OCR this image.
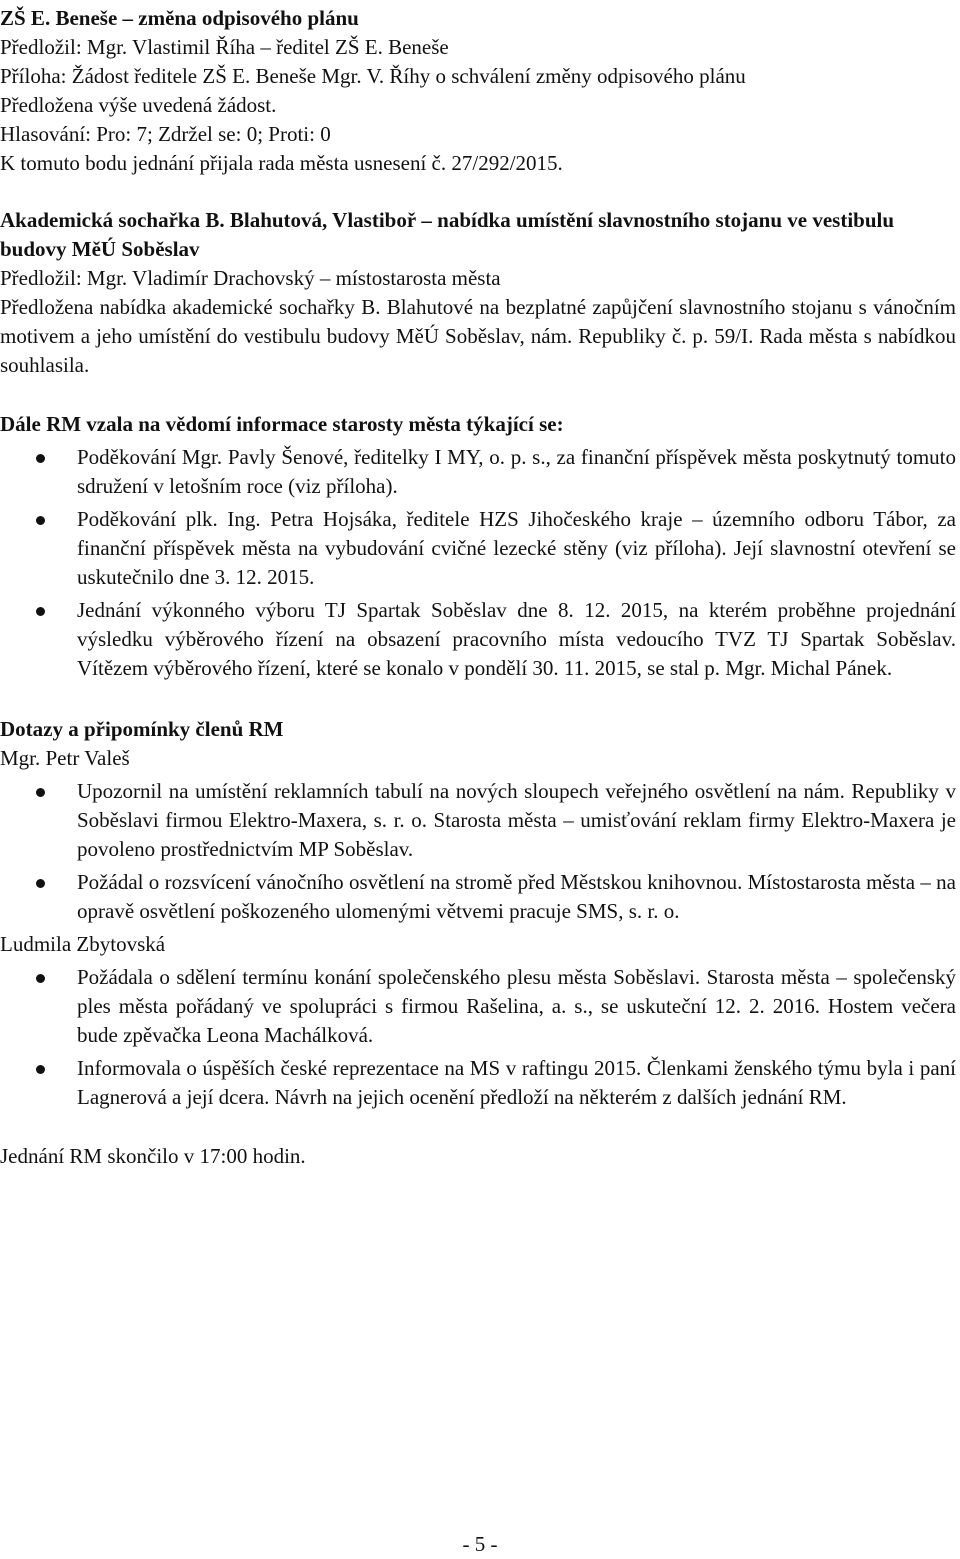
ZŠ E. Beneše – změna odpisového plánu
Předložil: Mgr. Vlastimil Říha – ředitel ZŠ E. Beneše
Příloha: Žádost ředitele ZŠ E. Beneše Mgr. V. Říhy o schválení změny odpisového plánu
Předložena výše uvedená žádost.
Hlasování: Pro: 7; Zdržel se: 0; Proti: 0
K tomuto bodu jednání přijala rada města usnesení č. 27/292/2015.
Akademická sochařka B. Blahutová, Vlastiboř – nabídka umístění slavnostního stojanu ve vestibulu budovy MěÚ Soběslav
Předložil: Mgr. Vladimír Drachovský – místostarosta města
Předložena nabídka akademické sochařky B. Blahutové na bezplatné zapůjčení slavnostního stojanu s vánočním motivem a jeho umístění do vestibulu budovy MěÚ Soběslav, nám. Republiky č. p. 59/I. Rada města s nabídkou souhlasila.
Dále RM vzala na vědomí informace starosty města týkající se:
Poděkování Mgr. Pavly Šenové, ředitelky I MY, o. p. s., za finanční příspěvek města poskytnutý tomuto sdružení v letošním roce (viz příloha).
Poděkování plk. Ing. Petra Hojsáka, ředitele HZS Jihočeského kraje – územního odboru Tábor, za finanční příspěvek města na vybudování cvičné lezecké stěny (viz příloha). Její slavnostní otevření se uskutečnilo dne 3. 12. 2015.
Jednání výkonného výboru TJ Spartak Soběslav dne 8. 12. 2015, na kterém proběhne projednání výsledku výběrového řízení na obsazení pracovního místa vedoucího TVZ TJ Spartak Soběslav. Vítězem výběrového řízení, které se konalo v pondělí 30. 11. 2015, se stal p. Mgr. Michal Pánek.
Dotazy a připomínky členů RM
Mgr. Petr Valeš
Upozornil na umístění reklamních tabulí na nových sloupech veřejného osvětlení na nám. Republiky v Soběslavi firmou Elektro-Maxera, s. r. o. Starosta města – umisťování reklam firmy Elektro-Maxera je povoleno prostřednictvím MP Soběslav.
Požádal o rozsvícení vánočního osvětlení na stromě před Městskou knihovnou. Místostarosta města – na opravě osvětlení poškozeného ulomenými větvemi pracuje SMS, s. r. o.
Ludmila Zbytovská
Požádala o sdělení termínu konání společenského plesu města Soběslavi. Starosta města – společenský ples města pořádaný ve spolupráci s firmou Rašelina, a. s., se uskuteční 12. 2. 2016. Hostem večera bude zpěvačka Leona Machálková.
Informovala o úspěších české reprezentace na MS v raftingu 2015. Členkami ženského týmu byla i paní Lagnerová a její dcera. Návrh na jejich ocenění předloží na některém z dalších jednání RM.
Jednání RM skončilo v 17:00 hodin.
- 5 -
